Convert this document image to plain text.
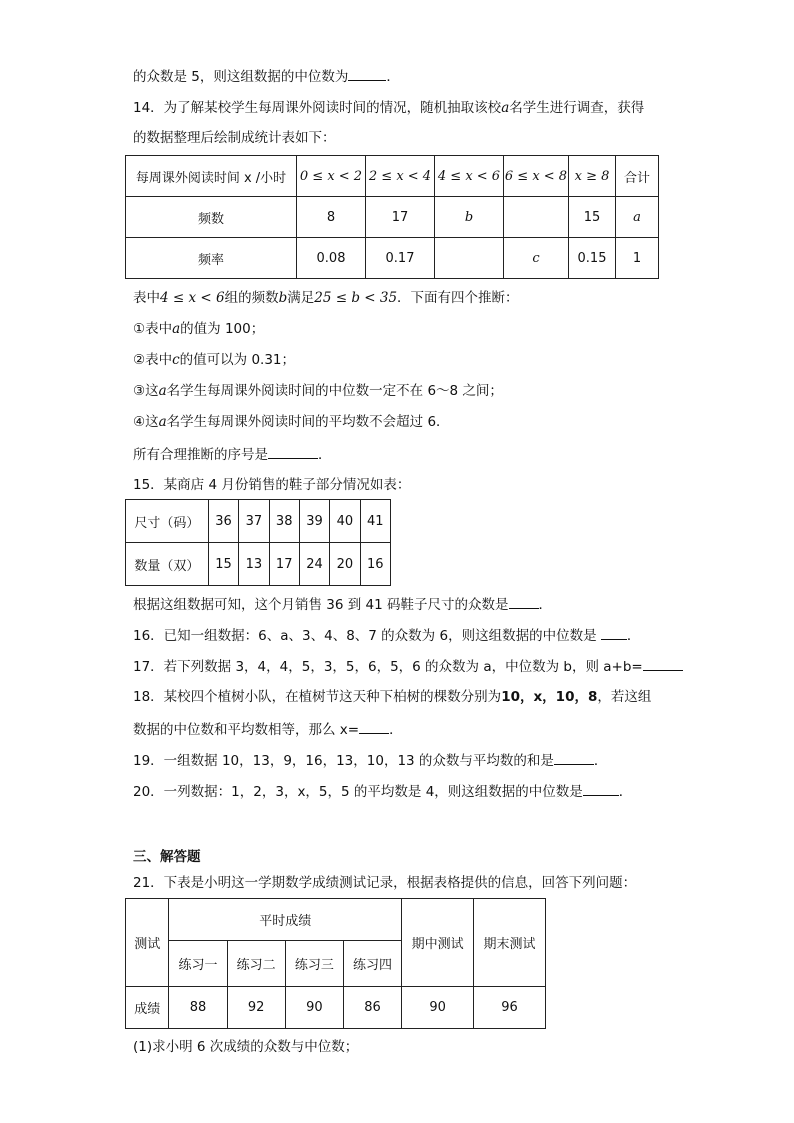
的众数是 5，则这组数据的中位数为	．
14．为了解某校学生每周课外阅读时间的情况，随机抽取该校a名学生进行调查，获得
的数据整理后绘制成统计表如下：
每周课外阅读时间 x /小时	0 ≤ x < 2	2 ≤ x < 4	4 ≤ x < 6	6 ≤ x < 8	x ≥ 8	合计
频数	8	17	b		15	a
频率	0.08	0.17		c	0.15	1
表中4 ≤ x < 6组的频数b满足25 ≤ b < 35．下面有四个推断：
①表中a的值为 100；
②表中c的值可以为 0.31；
③这a名学生每周课外阅读时间的中位数一定不在 6～8 之间；
④这a名学生每周课外阅读时间的平均数不会超过 6．
所有合理推断的序号是	．
15．某商店 4 月份销售的鞋子部分情况如表：
尺寸（码）	36	37	38	39	40	41
数量（双）	15	13	17	24	20	16
根据这组数据可知，这个月销售 36 到 41 码鞋子尺寸的众数是 ．
16．已知一组数据：6、a、3、4、8、7 的众数为 6，则这组数据的中位数是 ．
17．若下列数据 3，4，4，5，3，5，6，5，6 的众数为 a，中位数为 b，则 a+b=
18．某校四个植树小队，在植树节这天种下柏树的棵数分别为10，x，10，8，若这组
数据的中位数和平均数相等，那么 x= ．
19．一组数据 10，13，9，16，13，10，13 的众数与平均数的和是	．
20．一列数据：1，2，3，x，5，5 的平均数是 4，则这组数据的中位数是	．
三、解答题
21．下表是小明这一学期数学成绩测试记录，根据表格提供的信息，回答下列问题：
测试	平时成绩				期中测试	期末测试
	练习一	练习二	练习三	练习四		
成绩	88	92	90	86	90	96
(1)求小明 6 次成绩的众数与中位数；
